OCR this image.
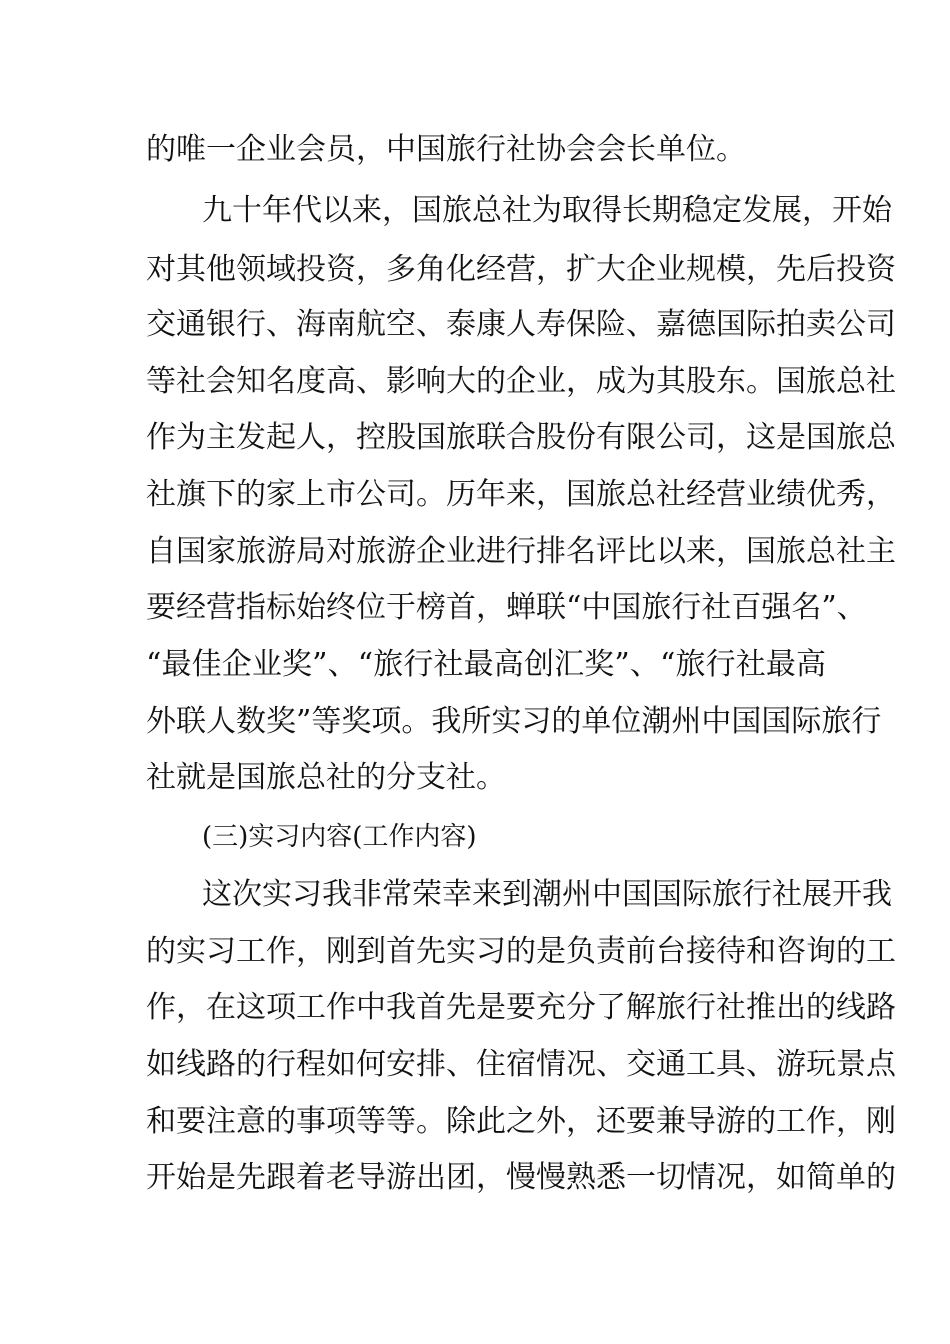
的唯一企业会员，中国旅行社协会会长单位。

九十年代以来，国旅总社为取得长期稳定发展，开始

对其他领域投资，多角化经营，扩大企业规模，先后投资

交通银行、海南航空、泰康人寿保险、嘉德国际拍卖公司

等社会知名度高、影响大的企业，成为其股东。国旅总社

作为主发起人，控股国旅联合股份有限公司，这是国旅总

社旗下的家上市公司。历年来，国旅总社经营业绩优秀，

自国家旅游局对旅游企业进行排名评比以来，国旅总社主

要经营指标始终位于榜首，蝉联“中国旅行社百强名”、

“最佳企业奖”、“旅行社最高创汇奖”、“旅行社最高

外联人数奖”等奖项。我所实习的单位潮州中国国际旅行

社就是国旅总社的分支社。

(三)实习内容(工作内容)

这次实习我非常荣幸来到潮州中国国际旅行社展开我

的实习工作，刚到首先实习的是负责前台接待和咨询的工

作，在这项工作中我首先是要充分了解旅行社推出的线路

如线路的行程如何安排、住宿情况、交通工具、游玩景点

和要注意的事项等等。除此之外，还要兼导游的工作，刚

开始是先跟着老导游出团，慢慢熟悉一切情况，如简单的
